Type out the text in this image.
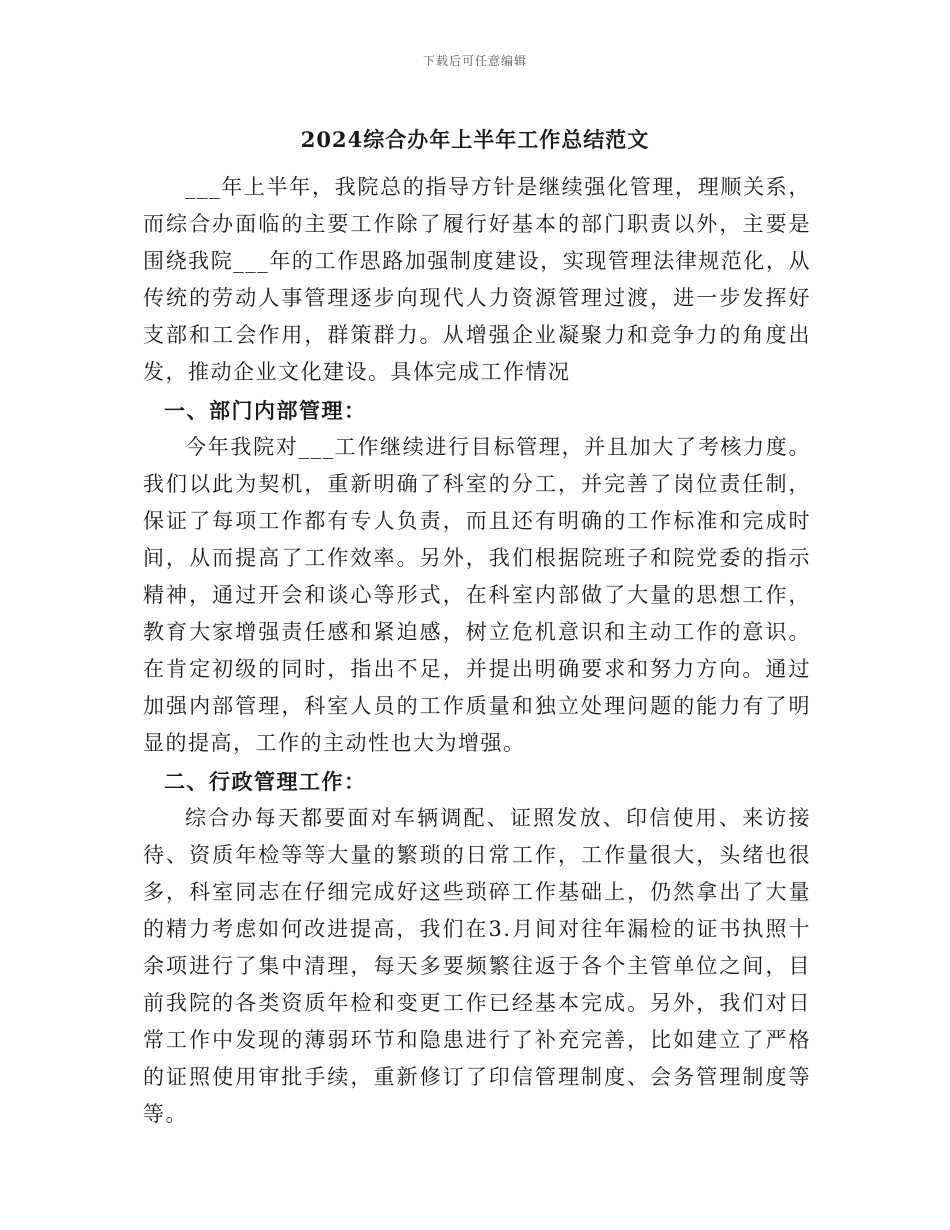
下载后可任意编辑
2024综合办年上半年工作总结范文

___年上半年，我院总的指导方针是继续强化管理，理顺关系，而综合办面临的主要工作除了履行好基本的部门职责以外，主要是围绕我院___年的工作思路加强制度建设，实现管理法律规范化，从传统的劳动人事管理逐步向现代人力资源管理过渡，进一步发挥好支部和工会作用，群策群力。从增强企业凝聚力和竞争力的角度出发，推动企业文化建设。具体完成工作情况

一、部门内部管理：

今年我院对___工作继续进行目标管理，并且加大了考核力度。我们以此为契机，重新明确了科室的分工，并完善了岗位责任制，保证了每项工作都有专人负责，而且还有明确的工作标准和完成时间，从而提高了工作效率。另外，我们根据院班子和院党委的指示精神，通过开会和谈心等形式，在科室内部做了大量的思想工作，教育大家增强责任感和紧迫感，树立危机意识和主动工作的意识。在肯定初级的同时，指出不足，并提出明确要求和努力方向。通过加强内部管理，科室人员的工作质量和独立处理问题的能力有了明显的提高，工作的主动性也大为增强。

二、行政管理工作：

综合办每天都要面对车辆调配、证照发放、印信使用、来访接待、资质年检等等大量的繁琐的日常工作，工作量很大，头绪也很多，科室同志在仔细完成好这些琐碎工作基础上，仍然拿出了大量的精力考虑如何改进提高，我们在3.月间对往年漏检的证书执照十余项进行了集中清理，每天多要频繁往返于各个主管单位之间，目前我院的各类资质年检和变更工作已经基本完成。另外，我们对日常工作中发现的薄弱环节和隐患进行了补充完善，比如建立了严格的证照使用审批手续，重新修订了印信管理制度、会务管理制度等等。
